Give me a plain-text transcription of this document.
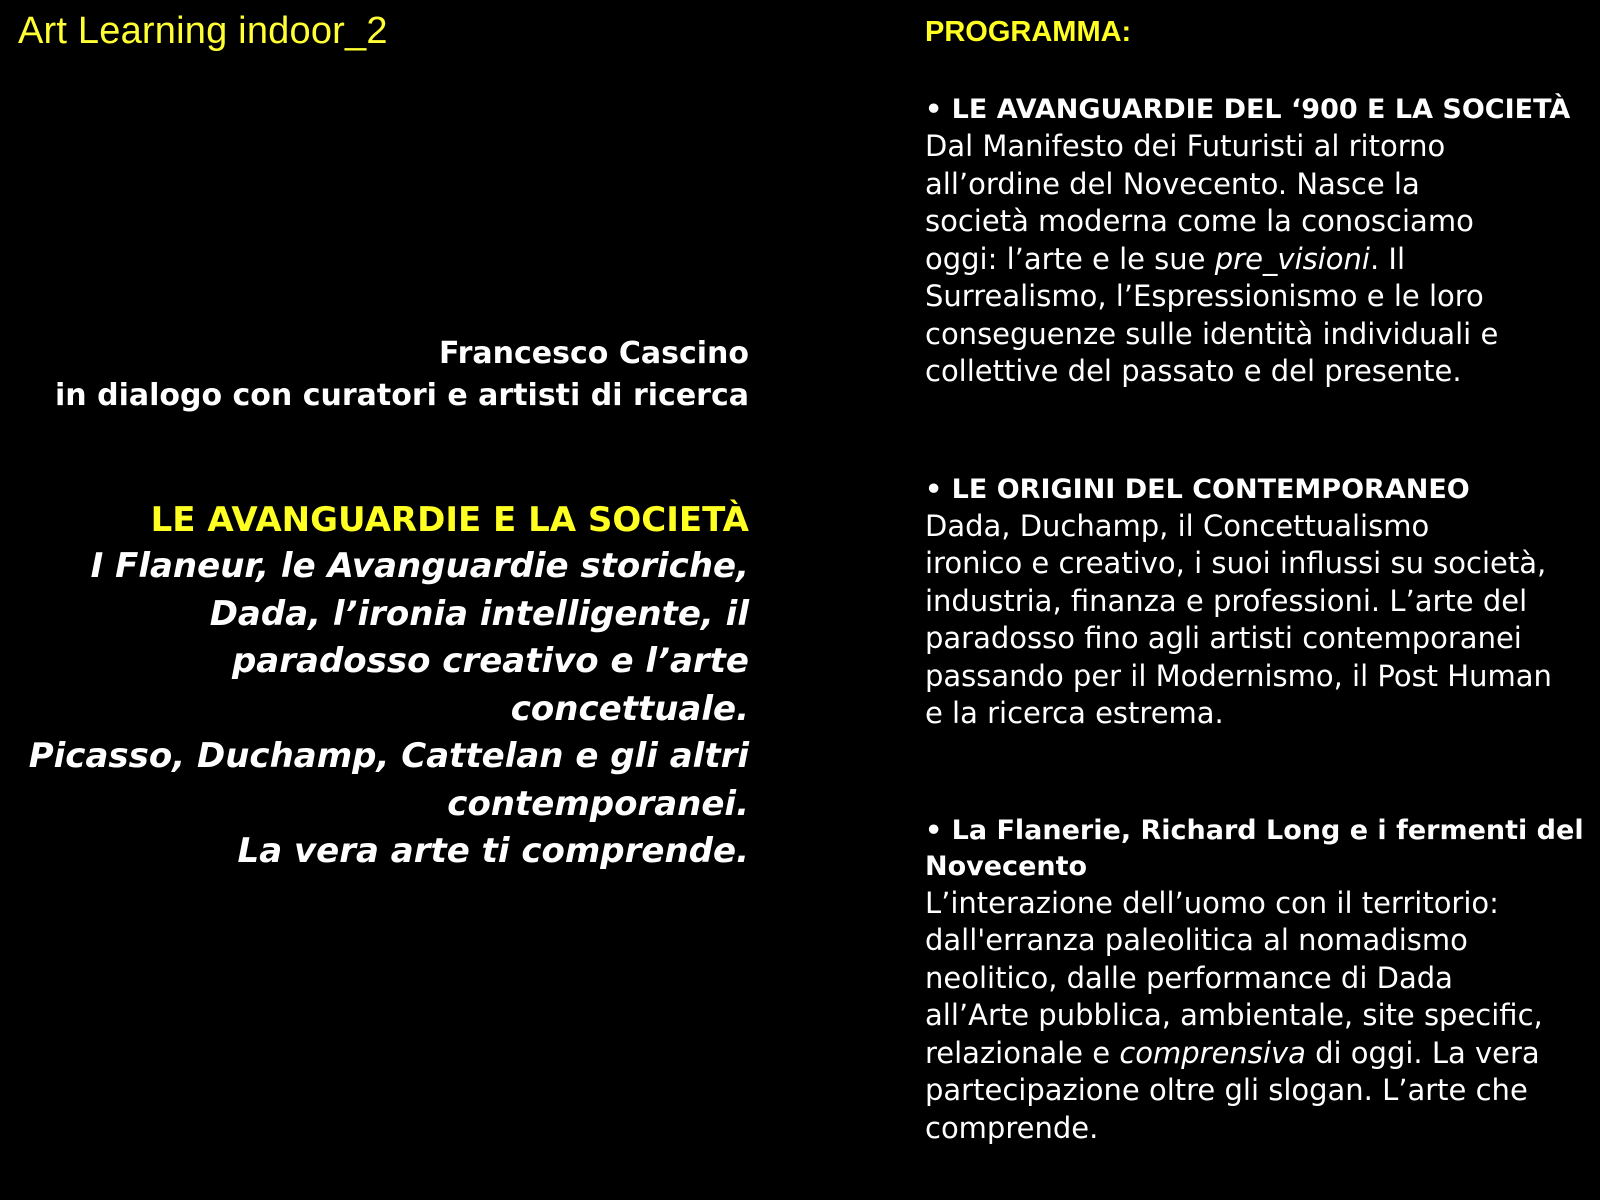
Art Learning indoor_2
Francesco Cascino
in dialogo con curatori e artisti di ricerca
LE AVANGUARDIE E LA SOCIETÀ
I Flaneur, le Avanguardie storiche,
Dada, l’ironia intelligente, il
paradosso creativo e l’arte
concettuale.
Picasso, Duchamp, Cattelan e gli altri
contemporanei.
La vera arte ti comprende.
PROGRAMMA:
• LE AVANGUARDIE DEL ‘900 E LA SOCIETÀ
Dal Manifesto dei Futuristi al ritorno
all’ordine del Novecento. Nasce la
società moderna come la conosciamo
oggi: l’arte e le sue pre_visioni. Il
Surrealismo, l’Espressionismo e le loro
conseguenze sulle identità individuali e
collettive del passato e del presente.
• LE ORIGINI DEL CONTEMPORANEO
Dada, Duchamp, il Concettualismo
ironico e creativo, i suoi influssi su società,
industria, finanza e professioni. L’arte del
paradosso fino agli artisti contemporanei
passando per il Modernismo, il Post Human
e la ricerca estrema.
• La Flanerie, Richard Long e i fermenti del
Novecento
L’interazione dell’uomo con il territorio:
dall'erranza paleolitica al nomadismo
neolitico, dalle performance di Dada
all’Arte pubblica, ambientale, site specific,
relazionale e comprensiva di oggi. La vera
partecipazione oltre gli slogan. L’arte che
comprende.
